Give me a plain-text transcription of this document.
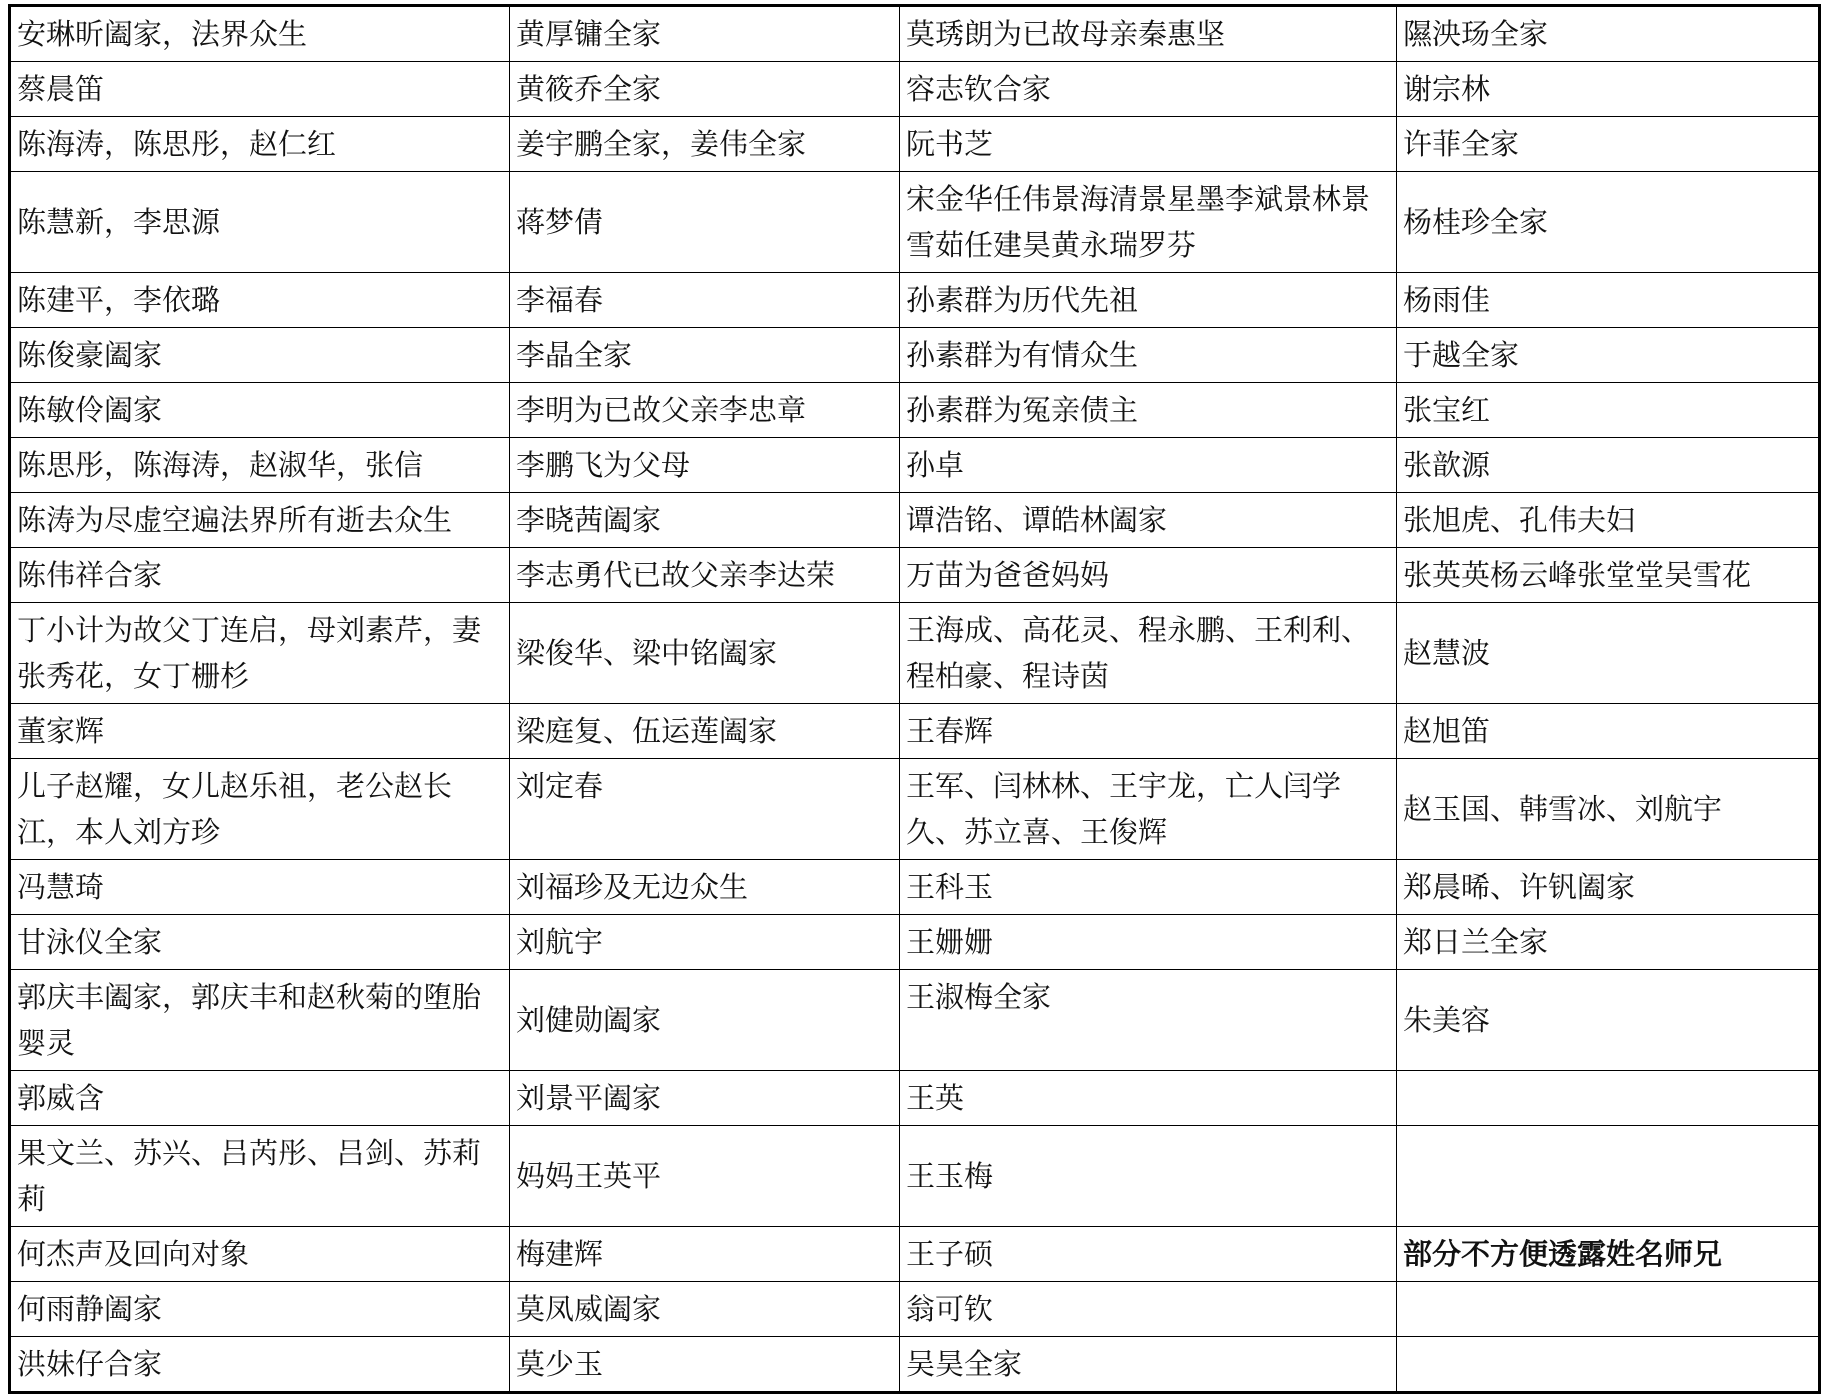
安琳昕阖家，法界众生	黄厚镛全家	莫琇朗为已故母亲秦惠坚	隰泱玚全家
蔡晨笛	黄筱乔全家	容志钦合家	谢宗林
陈海涛，陈思彤，赵仁红	姜宇鹏全家，姜伟全家	阮书芝	许菲全家
陈慧新，李思源	蒋梦倩	宋金华任伟景海清景星墨李斌景林景雪茹任建昊黄永瑞罗芬	杨桂珍全家
陈建平，李依璐	李福春	孙素群为历代先祖	杨雨佳
陈俊豪阖家	李晶全家	孙素群为有情众生	于越全家
陈敏伶阖家	李明为已故父亲李忠章	孙素群为冤亲债主	张宝红
陈思彤，陈海涛，赵淑华，张信	李鹏飞为父母	孙卓	张歆源
陈涛为尽虚空遍法界所有逝去众生	李晓茜阖家	谭浩铭、谭皓林阖家	张旭虎、孔伟夫妇
陈伟祥合家	李志勇代已故父亲李达荣	万苗为爸爸妈妈	张英英杨云峰张堂堂吴雪花
丁小计为故父丁连启，母刘素芹，妻张秀花，女丁栅杉	梁俊华、梁中铭阖家	王海成、高花灵、程永鹏、王利利、程柏豪、程诗茵	赵慧波
董家辉	梁庭复、伍运莲阖家	王春辉	赵旭笛
儿子赵耀，女儿赵乐祖，老公赵长江，本人刘方珍	刘定春	王军、闫林林、王宇龙，亡人闫学久、苏立喜、王俊辉	赵玉国、韩雪冰、刘航宇
冯慧琦	刘福珍及无边众生	王科玉	郑晨晞、许钒阖家
甘泳仪全家	刘航宇	王姗姗	郑日兰全家
郭庆丰阖家，郭庆丰和赵秋菊的堕胎婴灵	刘健勋阖家	王淑梅全家	朱美容
郭威含	刘景平阖家	王英	
果文兰、苏兴、吕芮彤、吕剑、苏莉莉	妈妈王英平	王玉梅	
何杰声及回向对象	梅建辉	王子硕	部分不方便透露姓名师兄
何雨静阖家	莫凤威阖家	翁可钦	
洪妹仔合家	莫少玉	吴昊全家	
